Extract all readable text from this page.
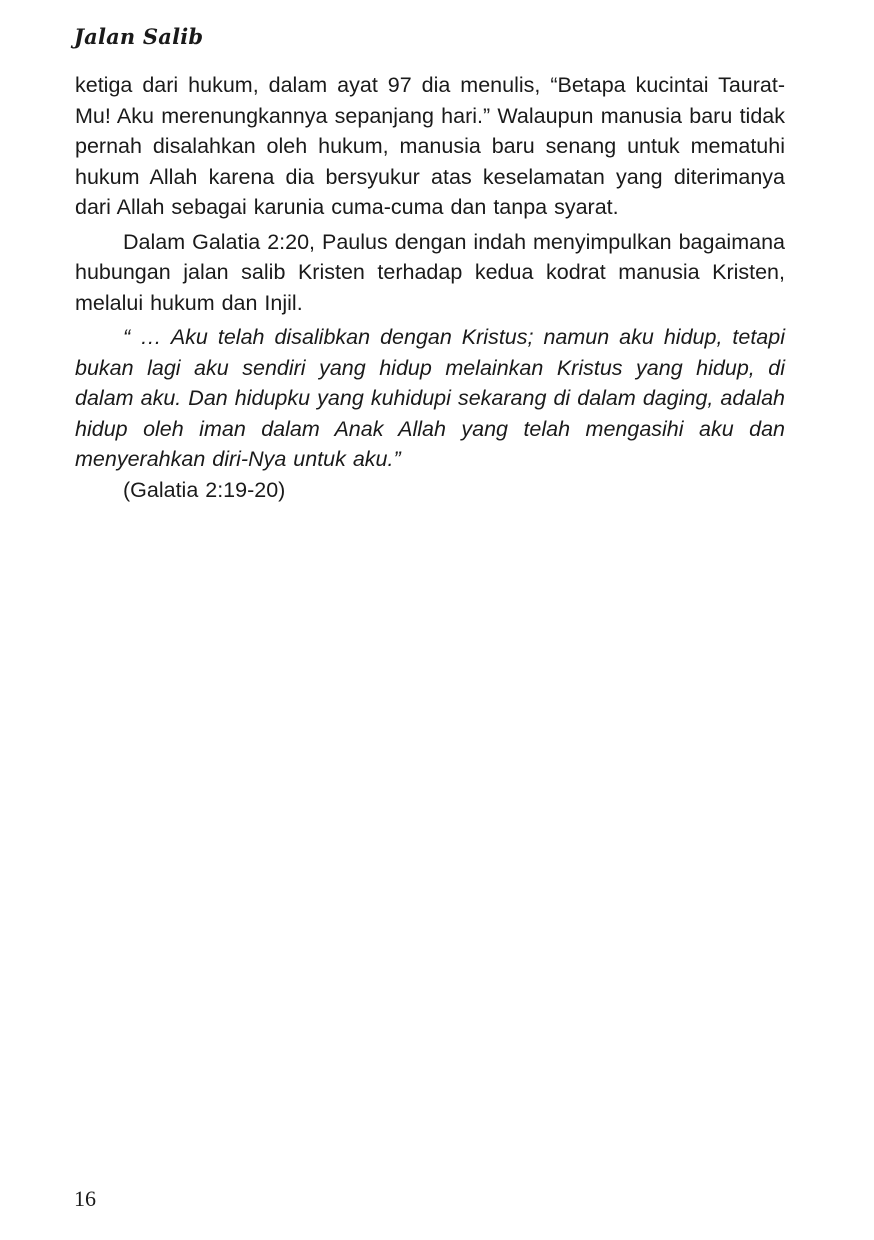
Jalan Salib

ketiga dari hukum, dalam ayat 97 dia menulis, “Betapa kucintai Taurat-Mu! Aku merenungkannya sepanjang hari.” Walaupun manusia baru tidak pernah disalahkan oleh hukum, manusia baru senang untuk mematuhi hukum Allah karena dia bersyukur atas keselamatan yang diterimanya dari Allah sebagai karunia cuma-cuma dan tanpa syarat.

Dalam Galatia 2:20, Paulus dengan indah menyimpulkan bagaimana hubungan jalan salib Kristen terhadap kedua kodrat manusia Kristen, melalui hukum dan Injil.

“ … Aku telah disalibkan dengan Kristus; namun aku hidup, tetapi bukan lagi aku sendiri yang hidup melainkan Kristus yang hidup, di dalam aku. Dan hidupku yang kuhidupi sekarang di dalam daging, adalah hidup oleh iman dalam Anak Allah yang telah mengasihi aku dan menyerahkan diri-Nya untuk aku.”
(Galatia 2:19-20)

16
